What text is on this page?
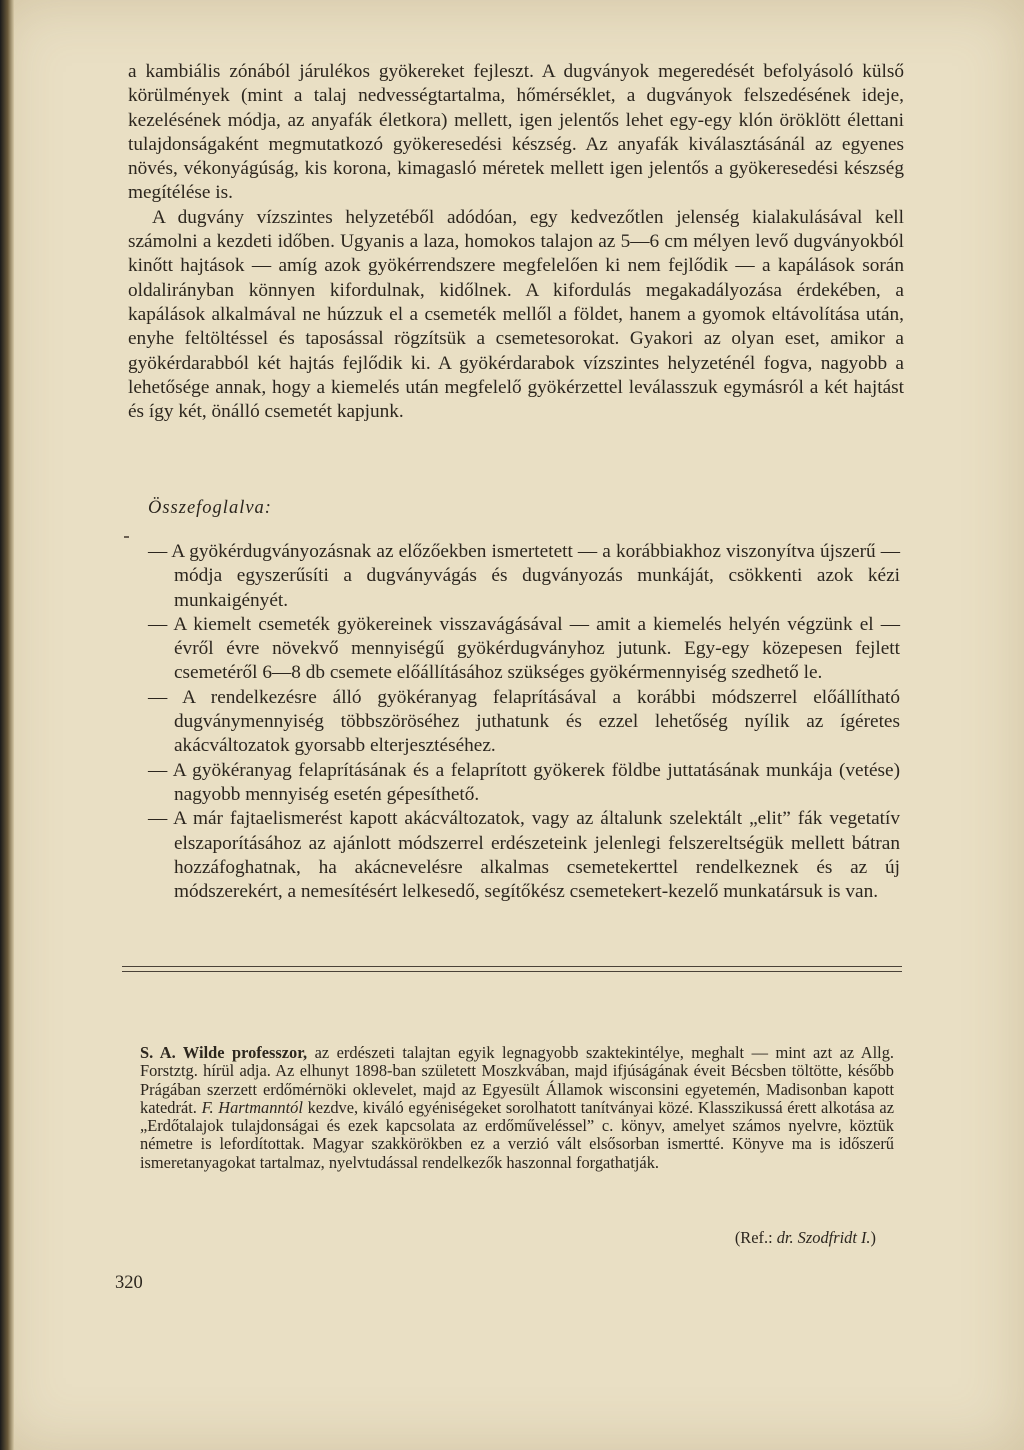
a kambiális zónából járulékos gyökereket fejleszt. A dugványok megeredését befolyásoló külső körülmények (mint a talaj nedvességtartalma, hőmérséklet, a dugványok felszedésének ideje, kezelésének módja, az anyafák életkora) mellett, igen jelentős lehet egy-egy klón öröklött élettani tulajdonságaként megmutatkozó gyökeresedési készség. Az anyafák kiválasztásánál az egyenes növés, vékonyágúság, kis korona, kimagasló méretek mellett igen jelentős a gyökeresedési készség megítélése is.

A dugvány vízszintes helyzetéből adódóan, egy kedvezőtlen jelenség kialakulásával kell számolni a kezdeti időben. Ugyanis a laza, homokos talajon az 5—6 cm mélyen levő dugványokból kinőtt hajtások — amíg azok gyökérrendszere megfelelően ki nem fejlődik — a kapálások során oldalirányban könnyen kifordulnak, kidőlnek. A kifordulás megakadályozása érdekében, a kapálások alkalmával ne húzzuk el a csemeték mellől a földet, hanem a gyomok eltávolítása után, enyhe feltöltéssel és taposással rögzítsük a csemetesorokat. Gyakori az olyan eset, amikor a gyökérdarabból két hajtás fejlődik ki. A gyökérdarabok vízszintes helyzeténél fogva, nagyobb a lehetősége annak, hogy a kiemelés után megfelelő gyökérzettel leválasszuk egymásról a két hajtást és így két, önálló csemetét kapjunk.

Összefoglalva:

— A gyökérdugványozásnak az előzőekben ismertetett — a korábbiakhoz viszonyítva újszerű — módja egyszerűsíti a dugványvágás és dugványozás munkáját, csökkenti azok kézi munkaigényét.

— A kiemelt csemeték gyökereinek visszavágásával — amit a kiemelés helyén végzünk el — évről évre növekvő mennyiségű gyökérdugványhoz jutunk. Egy-egy közepesen fejlett csemetéről 6—8 db csemete előállításához szükséges gyökérmennyiség szedhető le.

— A rendelkezésre álló gyökéranyag felaprításával a korábbi módszerrel előállítható dugványmennyiség többszöröséhez juthatunk és ezzel lehetőség nyílik az ígéretes akácváltozatok gyorsabb elterjesztéséhez.

— A gyökéranyag felaprításának és a felaprított gyökerek földbe juttatásának munkája (vetése) nagyobb mennyiség esetén gépesíthető.

— A már fajtaelismerést kapott akácváltozatok, vagy az általunk szelektált „elit” fák vegetatív elszaporításához az ajánlott módszerrel erdészeteink jelenlegi felszereltségük mellett bátran hozzáfoghatnak, ha akácnevelésre alkalmas csemetekerttel rendelkeznek és az új módszerekért, a nemesítésért lelkesedő, segítőkész csemetekert-kezelő munkatársuk is van.

S. A. Wilde professzor, az erdészeti talajtan egyik legnagyobb szaktekintélye, meghalt — mint azt az Allg. Forstztg. hírül adja. Az elhunyt 1898-ban született Moszkvában, majd ifjúságának éveit Bécsben töltötte, később Prágában szerzett erdőmérnöki oklevelet, majd az Egyesült Államok wisconsini egyetemén, Madisonban kapott katedrát. F. Hartmanntól kezdve, kiváló egyéniségeket sorolhatott tanítványai közé. Klasszikussá érett alkotása az „Erdőtalajok tulajdonságai és ezek kapcsolata az erdőműveléssel” c. könyv, amelyet számos nyelvre, köztük németre is lefordítottak. Magyar szakkörökben ez a verzió vált elsősorban ismertté. Könyve ma is időszerű ismeretanyagokat tartalmaz, nyelvtudással rendelkezők haszonnal forgathatják.

(Ref.: dr. Szodfridt I.)
320
